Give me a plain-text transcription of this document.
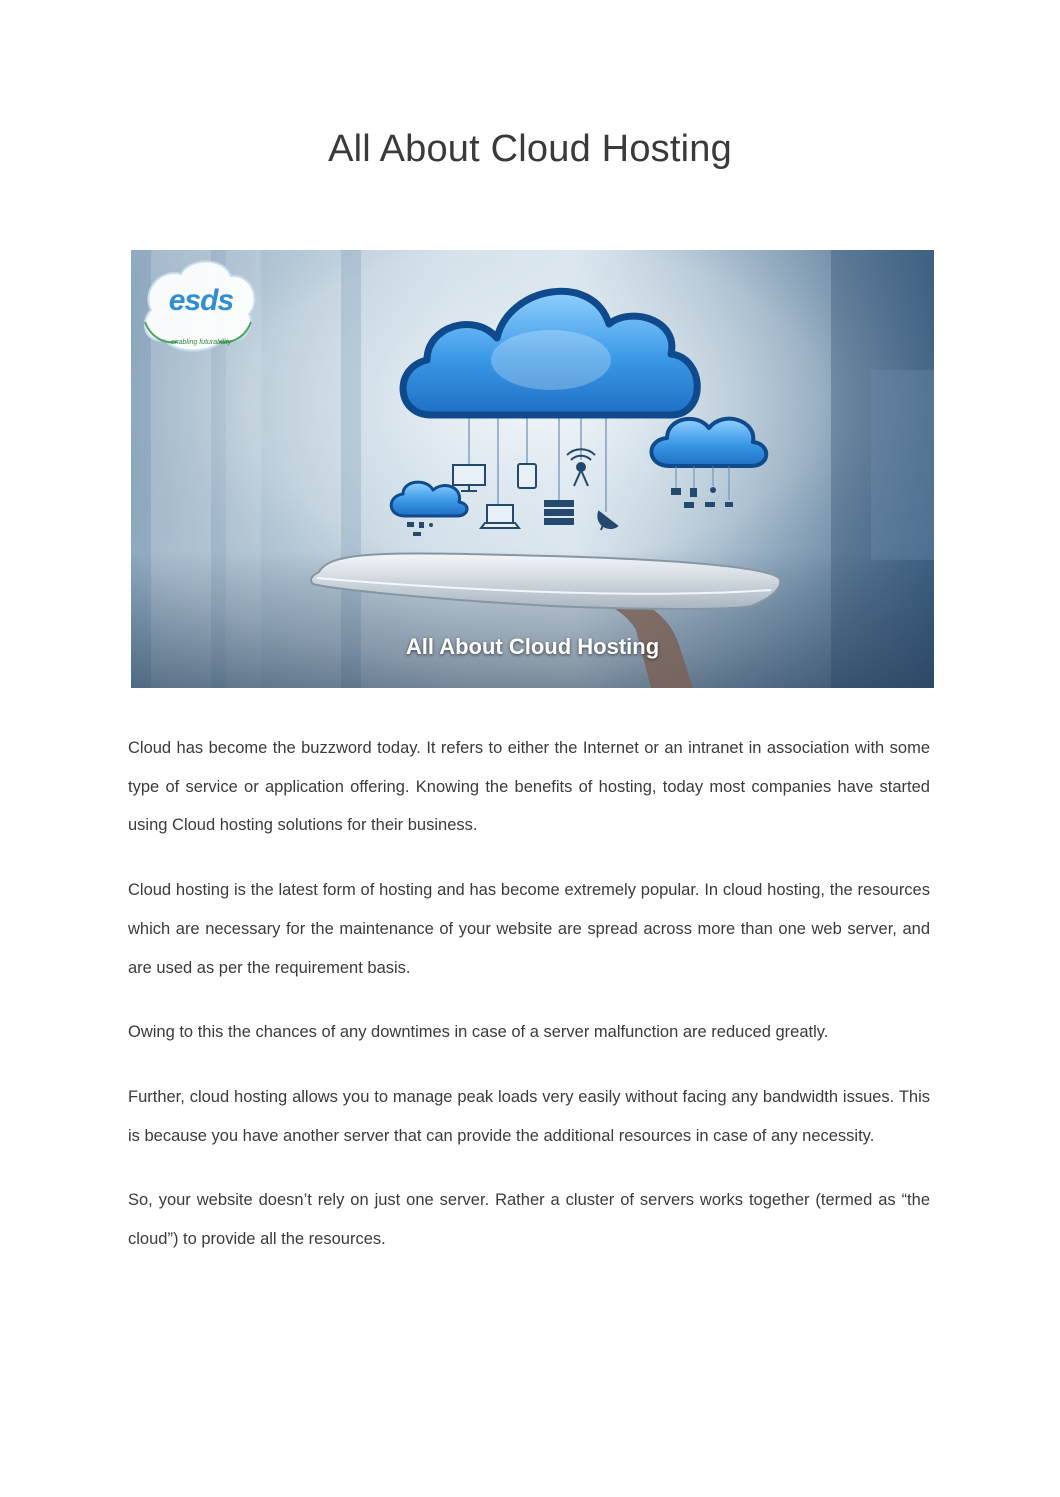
All About Cloud Hosting
esds
enabling futurability
All About Cloud Hosting

Cloud has become the buzzword today. It refers to either the Internet or an intranet in association with some type of service or application offering. Knowing the benefits of hosting, today most companies have started using Cloud hosting solutions for their business.

Cloud hosting is the latest form of hosting and has become extremely popular. In cloud hosting, the resources which are necessary for the maintenance of your website are spread across more than one web server, and are used as per the requirement basis.

Owing to this the chances of any downtimes in case of a server malfunction are reduced greatly.

Further, cloud hosting allows you to manage peak loads very easily without facing any bandwidth issues. This is because you have another server that can provide the additional resources in case of any necessity.

So, your website doesn’t rely on just one server. Rather a cluster of servers works together (termed as “the cloud”) to provide all the resources.
